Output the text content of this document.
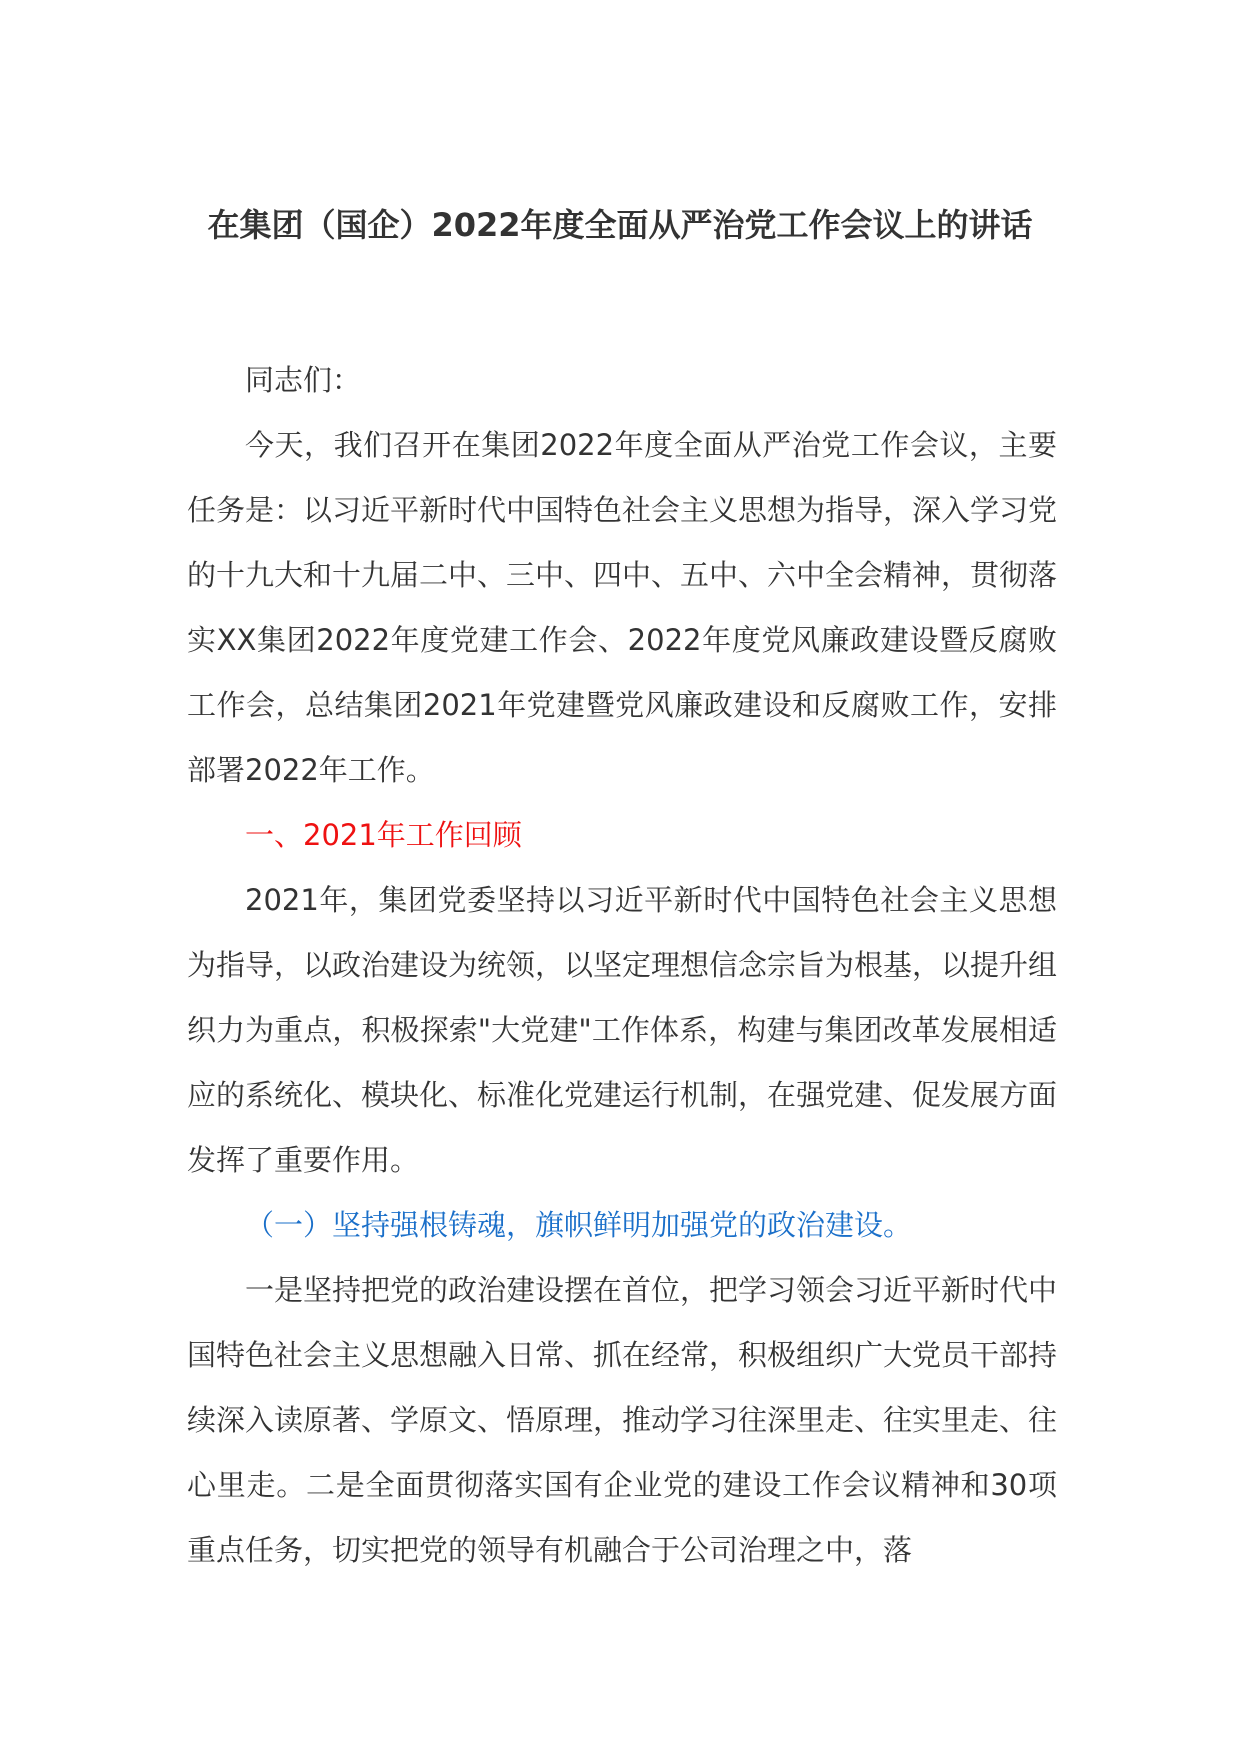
在集团（国企）2022年度全面从严治党工作会议上的讲话

同志们：

今天，我们召开在集团2022年度全面从严治党工作会议，主要任务是：以习近平新时代中国特色社会主义思想为指导，深入学习党的十九大和十九届二中、三中、四中、五中、六中全会精神，贯彻落实XX集团2022年度党建工作会、2022年度党风廉政建设暨反腐败工作会，总结集团2021年党建暨党风廉政建设和反腐败工作，安排部署2022年工作。

一、2021年工作回顾

2021年，集团党委坚持以习近平新时代中国特色社会主义思想为指导，以政治建设为统领，以坚定理想信念宗旨为根基，以提升组织力为重点，积极探索"大党建"工作体系，构建与集团改革发展相适应的系统化、模块化、标准化党建运行机制，在强党建、促发展方面发挥了重要作用。

（一）坚持强根铸魂，旗帜鲜明加强党的政治建设。

一是坚持把党的政治建设摆在首位，把学习领会习近平新时代中国特色社会主义思想融入日常、抓在经常，积极组织广大党员干部持续深入读原著、学原文、悟原理，推动学习往深里走、往实里走、往心里走。二是全面贯彻落实国有企业党的建设工作会议精神和30项重点任务，切实把党的领导有机融合于公司治理之中，落
